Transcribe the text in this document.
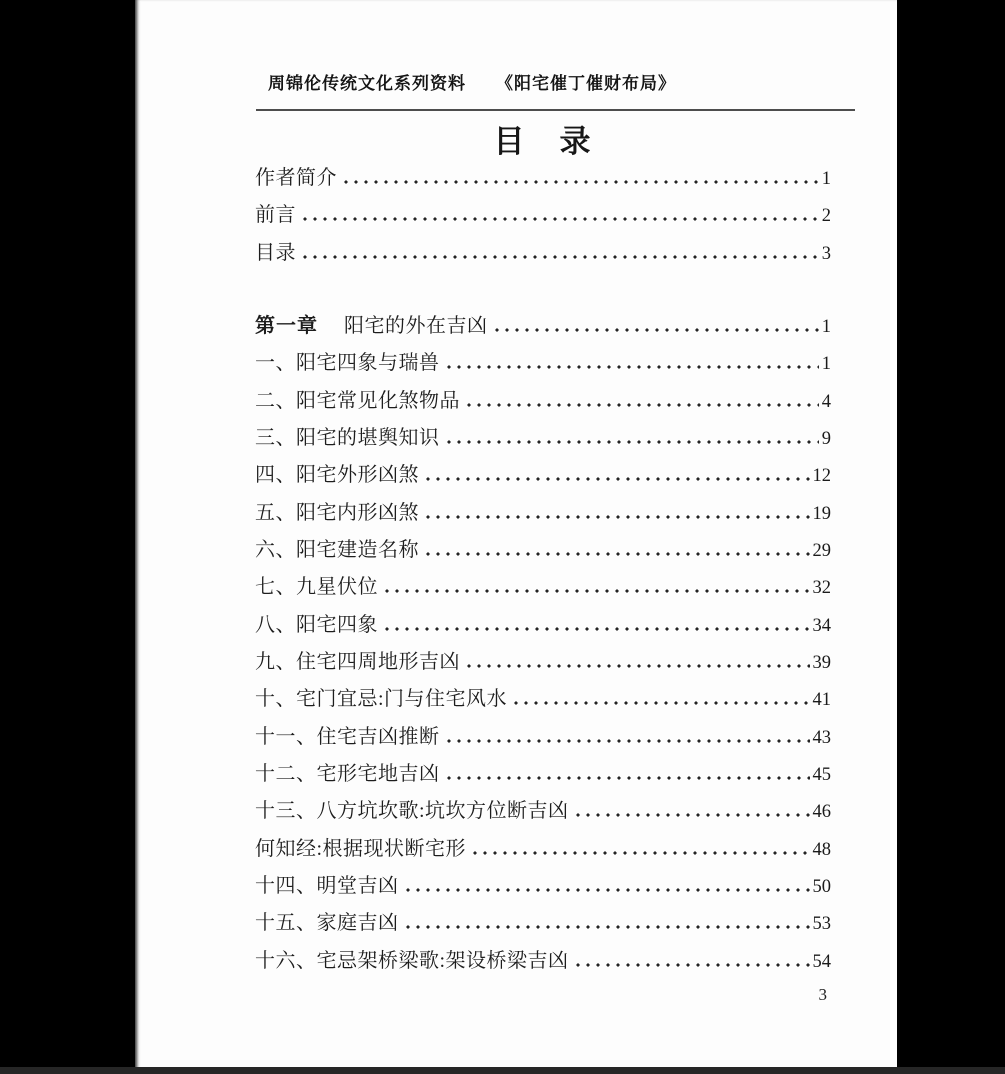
周锦伦传统文化系列资料 《阳宅催丁催财布局》
目　录
作者简介	1
前言	2
目录	3
第一章 阳宅的外在吉凶	1
一、阳宅四象与瑞兽	1
二、阳宅常见化煞物品	4
三、阳宅的堪舆知识	9
四、阳宅外形凶煞	12
五、阳宅内形凶煞	19
六、阳宅建造名称	29
七、九星伏位	32
八、阳宅四象	34
九、住宅四周地形吉凶	39
十、宅门宜忌:门与住宅风水	41
十一、住宅吉凶推断	43
十二、宅形宅地吉凶	45
十三、八方坑坎歌:坑坎方位断吉凶	46
何知经:根据现状断宅形	48
十四、明堂吉凶	50
十五、家庭吉凶	53
十六、宅忌架桥梁歌:架设桥梁吉凶	54
3
